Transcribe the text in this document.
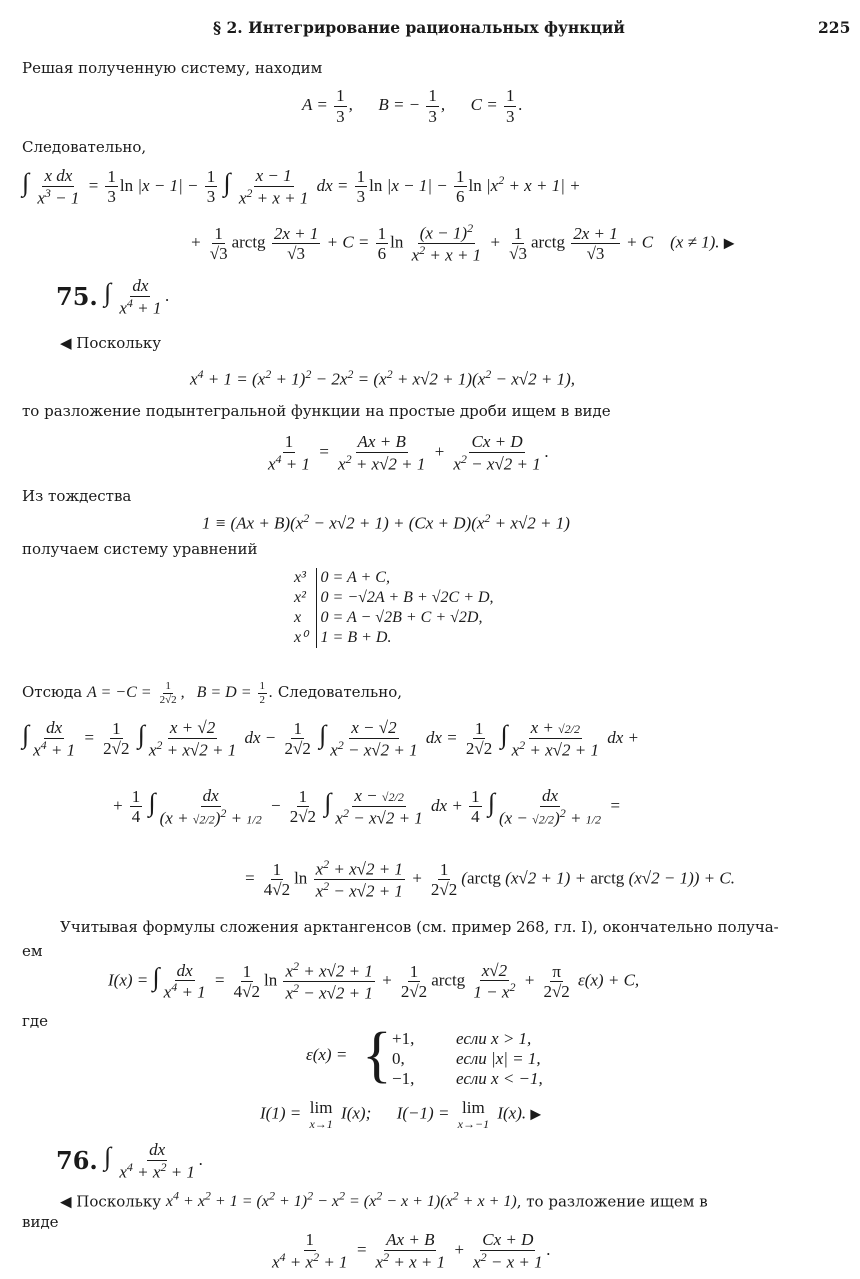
§ 2. Интегрирование рациональных функций	225
Решая полученную систему, находим
$A = \frac{1}{3}$ ,      B = − $\frac{1}{3}$ ,      $C = \frac{1}{3}$ .
Следовательно,
∫ $\frac{\text{x dx}}{x^3 - 1} = \frac{1}{3}$ $\ln |x - 1| - \frac{1}{3}$ ∫ $\frac{x - 1}{x^2 + x + 1}$ dx = $\frac{1}{3}$ $\ln |x - 1| - \frac{1}{6}$ $\ln |x^2 + x + 1|$ +
+ $\frac{1}{√3}$ arctg $\frac{2x + 1}{√3} + C = \frac{1}{6}$ $\ln \frac{(x - 1)^2}{x^2 + x + 1} + \frac{1}{√3}$ arctg $\frac{2x + 1}{√3} + C$    (x ≠ 1). ▶
75. ∫ $\frac{dx}{x^4 + 1}$ .
◀ Поскольку
$x^4 + 1 = (x^2 + 1)^2 - 2x^2 = (x^2 + x√2 + 1)(x^2 - x√2 + 1)$,
то разложение подынтегральной функции на простые дроби ищем в виде
$\frac{1}{x^4 + 1} = \frac{Ax + B}{x^2 + x√2 + 1} + \frac{Cx + D}{x^2 - x√2 + 1}$ .
Из тождества
$1 \equiv (Ax + B)(x^2 - x√2 + 1) + (Cx + D)(x^2 + x√2 + 1)$
получаем систему уравнений
x³	0 = A + C,
x²	0 = −√2A + B + √2C + D,
x	0 = A − √2B + C + √2D,
x⁰	1 = B + D.
Отсюда $A = -C = \frac{1}{2√2}$ ,   $B = D = \frac{1}{2}$ . Следовательно,
∫ $\frac{dx}{x^4 + 1} = \frac{1}{2√2}$ ∫ $\frac{x + √2}{x^2 + x√2 + 1}$ dx − $\frac{1}{2√2}$ ∫ $\frac{x - √2}{x^2 - x√2 + 1}$ dx = $\frac{1}{2√2}$ ∫ $\frac{x + √2/2}{x^2 + x√2 + 1}$ dx +
+ $\frac{1}{4}$ ∫ $\frac{dx}{(x + √2/2)^2 + 1/2} - \frac{1}{2√2}$ ∫ $\frac{x - √2/2}{x^2 - x√2 + 1}$ dx + $\frac{1}{4}$ ∫ $\frac{dx}{(x - √2/2)^2 + 1/2}$ =
= $\frac{1}{4√2}$ $\ln \frac{x^2 + x√2 + 1}{x^2 - x√2 + 1} + \frac{1}{2√2}$ (arctg (x√2 + 1) + arctg (x√2 − 1)) + C.
Учитывая формулы сложения арктангенсов (см. пример 268, гл. I), окончательно получа-
ем
I(x) = ∫ $\frac{dx}{x^4 + 1} = \frac{1}{4√2}$ $\ln \frac{x^2 + x√2 + 1}{x^2 - x√2 + 1} + \frac{1}{2√2}$ arctg $\frac{x√2}{1 - x^2} + \frac{\pi}{2√2} \varepsilon(x) + C$,
где
ε(x) = { +1, если x > 1,
0,	если |x| = 1,
−1, если x < −1,
I(1) = lim
x→1
I(x);      I(−1) = lim
x→−1
I(x). ▶
76. ∫ $\frac{dx}{x^4 + x^2 + 1}$ .
◀ Поскольку $x^4 + x^2 + 1 = (x^2 + 1)^2 - x^2 = (x^2 - x + 1)(x^2 + x + 1)$, то разложение ищем в
виде
$\frac{1}{x^4 + x^2 + 1} = \frac{Ax + B}{x^2 + x + 1} + \frac{Cx + D}{x^2 - x + 1}$ .
